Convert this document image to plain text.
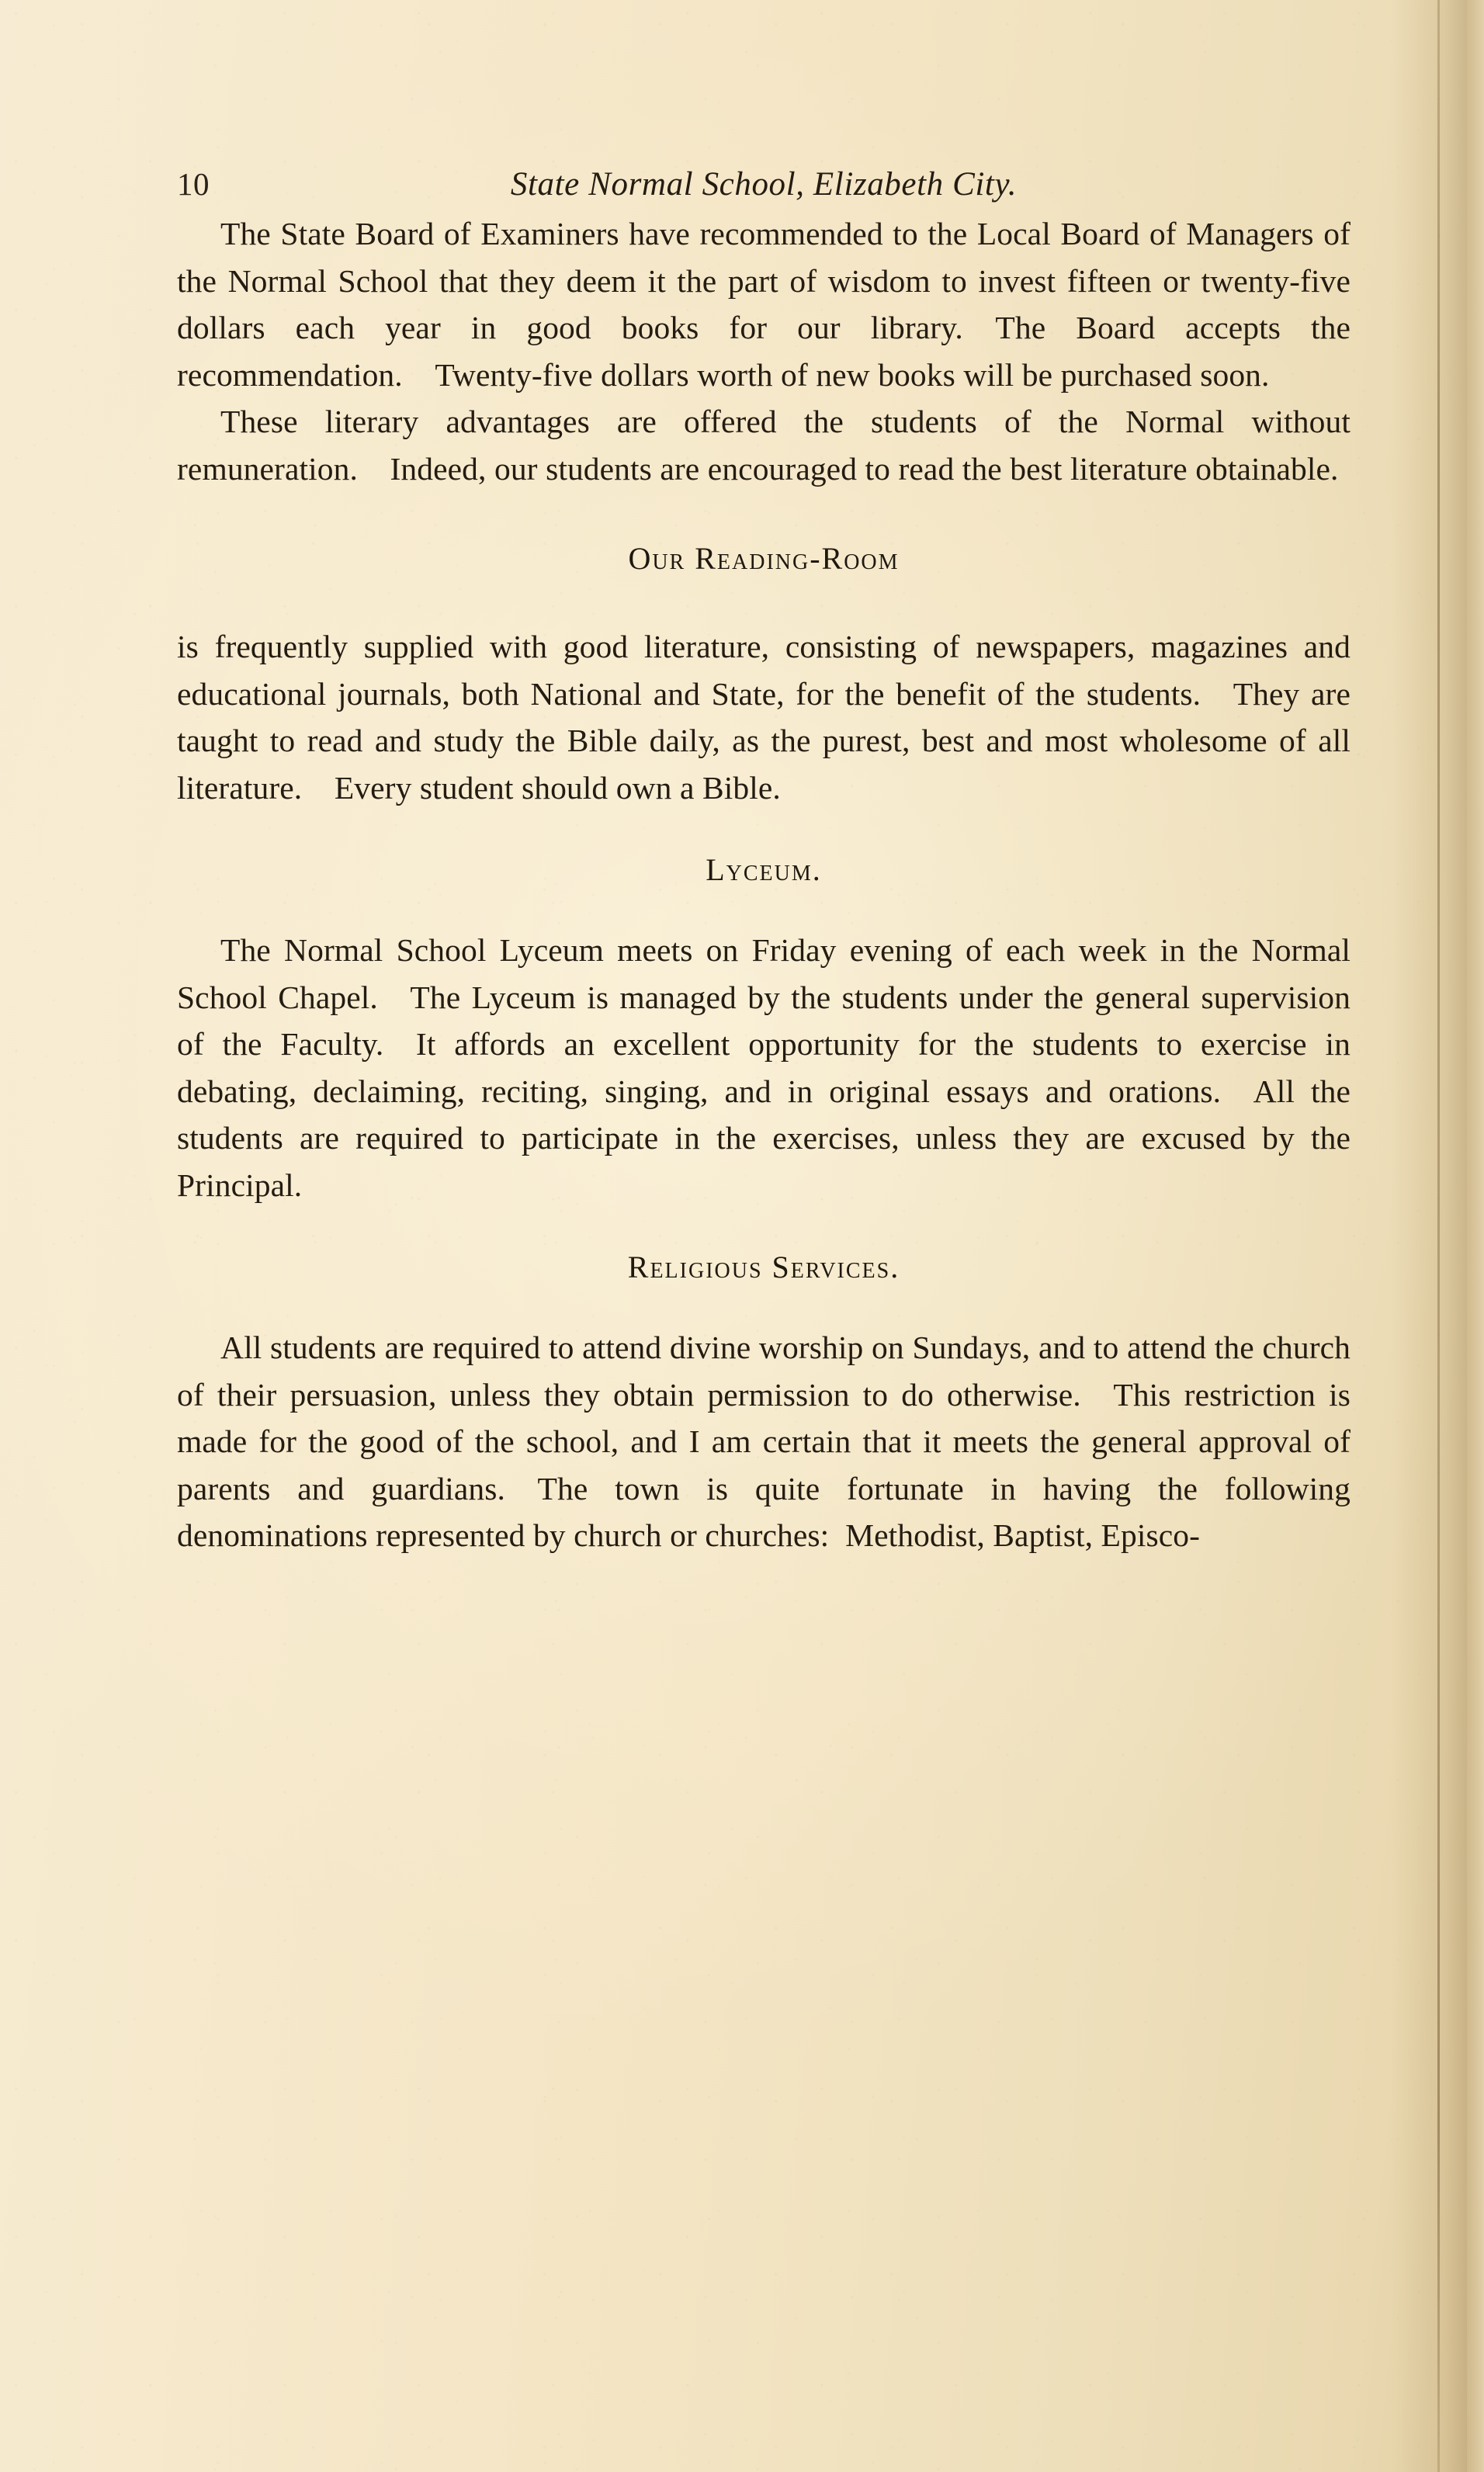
10	State Normal School, Elizabeth City.

The State Board of Examiners have recommended to the Local Board of Managers of the Normal School that they deem it the part of wisdom to invest fifteen or twenty-five dollars each year in good books for our library. The Board accepts the recommendation. Twenty-five dollars worth of new books will be purchased soon.

These literary advantages are offered the students of the Normal without remuneration. Indeed, our students are encouraged to read the best literature obtainable.

Our Reading-Room

is frequently supplied with good literature, consisting of newspapers, magazines and educational journals, both National and State, for the benefit of the students. They are taught to read and study the Bible daily, as the purest, best and most wholesome of all literature. Every student should own a Bible.

Lyceum.

The Normal School Lyceum meets on Friday evening of each week in the Normal School Chapel. The Lyceum is managed by the students under the general supervision of the Faculty. It affords an excellent opportunity for the students to exercise in debating, declaiming, reciting, singing, and in original essays and orations. All the students are required to participate in the exercises, unless they are excused by the Principal.

Religious Services.

All students are required to attend divine worship on Sundays, and to attend the church of their persuasion, unless they obtain permission to do otherwise. This restriction is made for the good of the school, and I am certain that it meets the general approval of parents and guardians. The town is quite fortunate in having the following denominations represented by church or churches: Methodist, Baptist, Episco-
